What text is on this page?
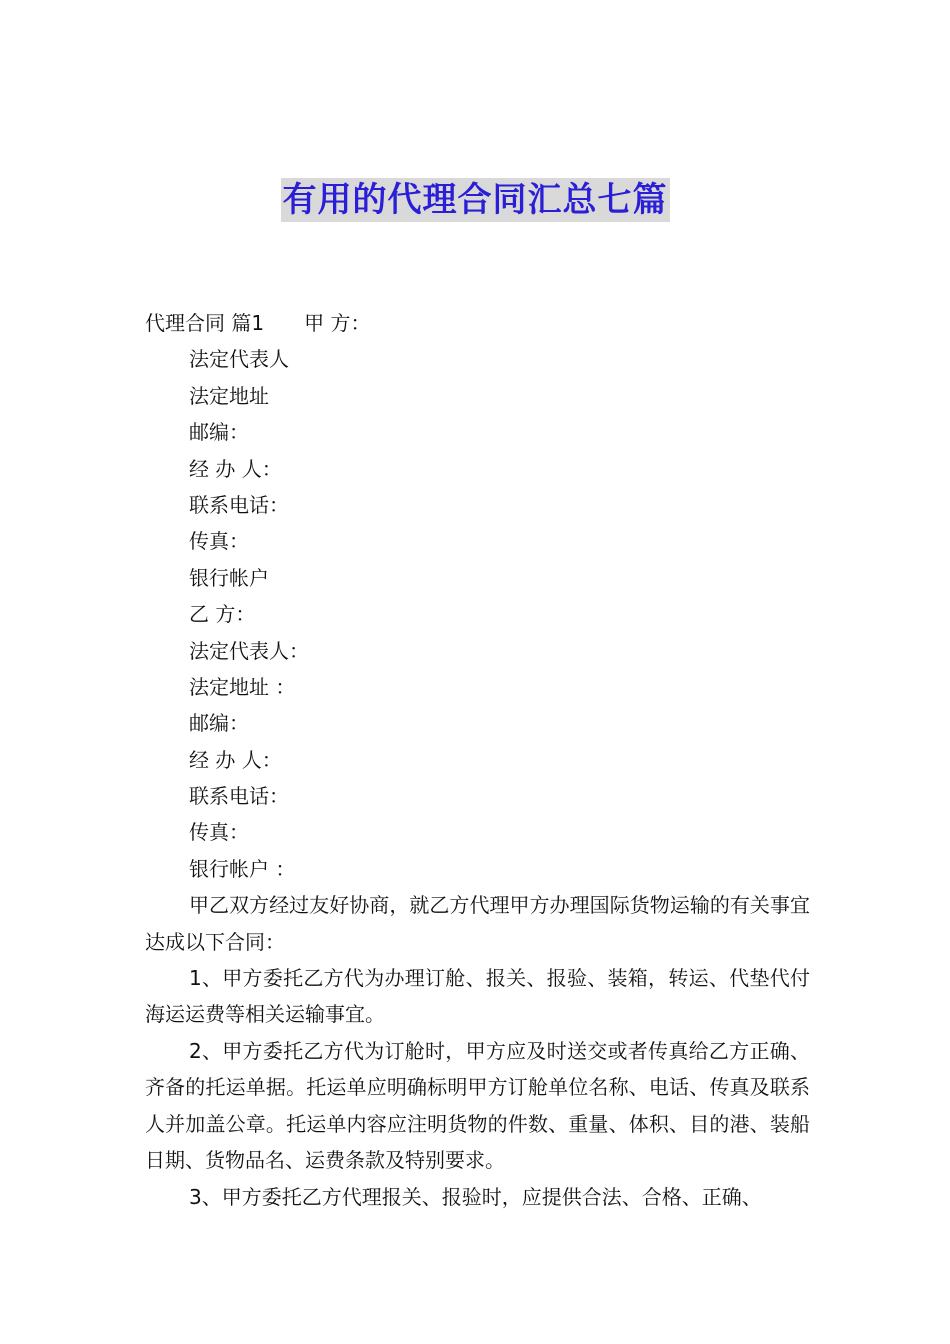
有用的代理合同汇总七篇
代理合同 篇1 甲 方：
法定代表人
法定地址
邮编：
经 办 人：
联系电话：
传真：
银行帐户
乙 方：
法定代表人：
法定地址 ：
邮编：
经 办 人：
联系电话：
传真：
银行帐户 ：

甲乙双方经过友好协商，就乙方代理甲方办理国际货物运输的有关事宜达成以下合同：

1、甲方委托乙方代为办理订舱、报关、报验、装箱，转运、代垫代付海运运费等相关运输事宜。

2、甲方委托乙方代为订舱时，甲方应及时送交或者传真给乙方正确、齐备的托运单据。托运单应明确标明甲方订舱单位名称、电话、传真及联系人并加盖公章。托运单内容应注明货物的件数、重量、体积、目的港、装船日期、货物品名、运费条款及特别要求。

3、甲方委托乙方代理报关、报验时，应提供合法、合格、正确、
